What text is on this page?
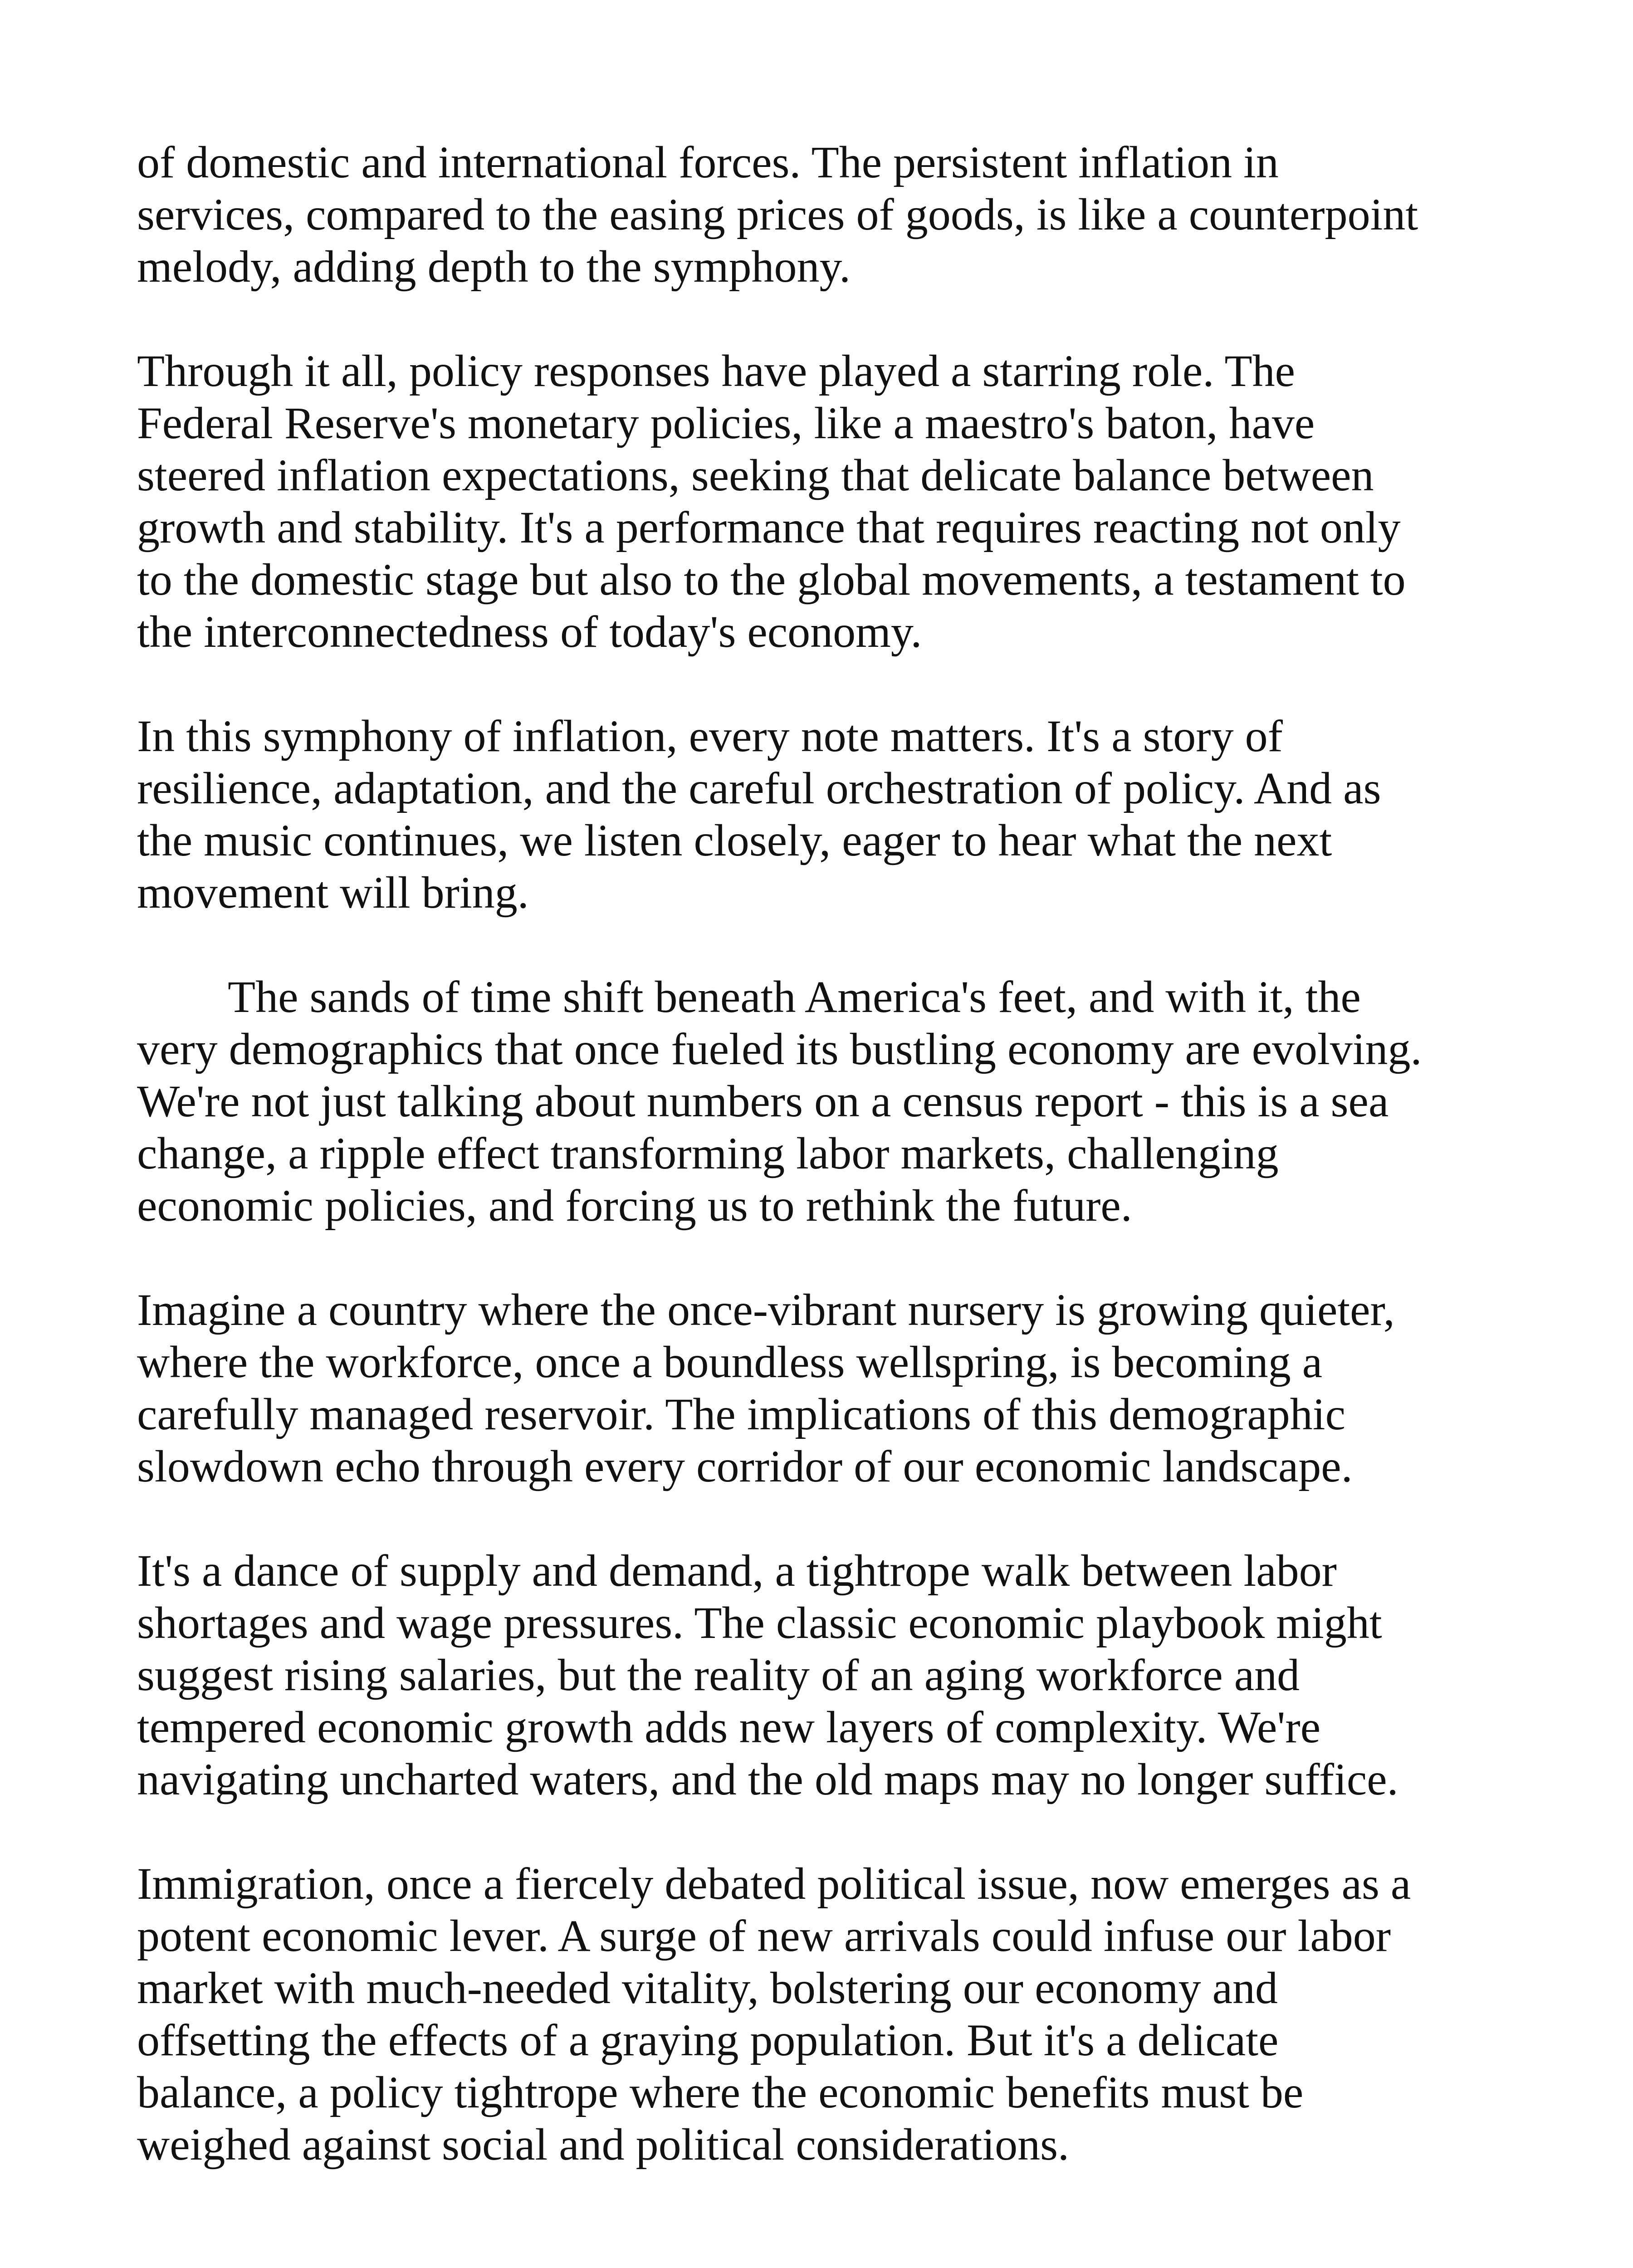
of domestic and international forces. The persistent inflation in
services, compared to the easing prices of goods, is like a counterpoint
melody, adding depth to the symphony.

Through it all, policy responses have played a starring role. The
Federal Reserve's monetary policies, like a maestro's baton, have
steered inflation expectations, seeking that delicate balance between
growth and stability. It's a performance that requires reacting not only
to the domestic stage but also to the global movements, a testament to
the interconnectedness of today's economy.

In this symphony of inflation, every note matters. It's a story of
resilience, adaptation, and the careful orchestration of policy. And as
the music continues, we listen closely, eager to hear what the next
movement will bring.

The sands of time shift beneath America's feet, and with it, the
very demographics that once fueled its bustling economy are evolving.
We're not just talking about numbers on a census report - this is a sea
change, a ripple effect transforming labor markets, challenging
economic policies, and forcing us to rethink the future.

Imagine a country where the once-vibrant nursery is growing quieter,
where the workforce, once a boundless wellspring, is becoming a
carefully managed reservoir. The implications of this demographic
slowdown echo through every corridor of our economic landscape.

It's a dance of supply and demand, a tightrope walk between labor
shortages and wage pressures. The classic economic playbook might
suggest rising salaries, but the reality of an aging workforce and
tempered economic growth adds new layers of complexity. We're
navigating uncharted waters, and the old maps may no longer suffice.

Immigration, once a fiercely debated political issue, now emerges as a
potent economic lever. A surge of new arrivals could infuse our labor
market with much-needed vitality, bolstering our economy and
offsetting the effects of a graying population. But it's a delicate
balance, a policy tightrope where the economic benefits must be
weighed against social and political considerations.
